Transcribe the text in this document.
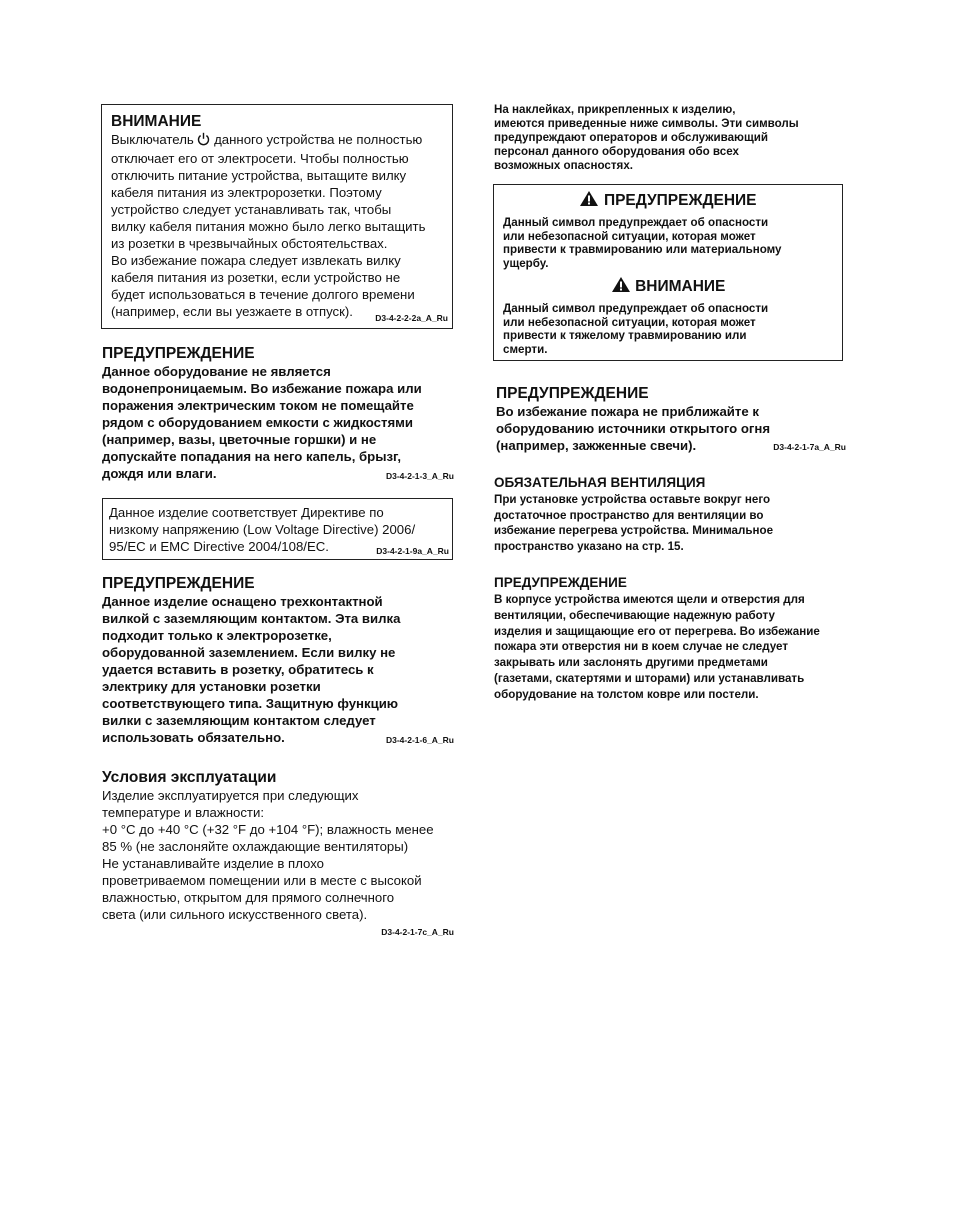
ВНИМАНИЕ

Выключатель  данного устройства не полностью
отключает его от электросети. Чтобы полностью
отключить питание устройства, вытащите вилку
кабеля питания из электророзетки. Поэтому
устройство следует устанавливать так, чтобы
вилку кабеля питания можно было легко вытащить
из розетки в чрезвычайных обстоятельствах.
Во избежание пожара следует извлекать вилку
кабеля питания из розетки, если устройство не
будет использоваться в течение долгого времени
(например, если вы уезжаете в отпуск).	D3-4-2-2-2a_A_Ru

ПРЕДУПРЕЖДЕНИЕ

Данное оборудование не является
водонепроницаемым. Во избежание пожара или
поражения электрическим током не помещайте
рядом с оборудованием емкости с жидкостями
(например, вазы, цветочные горшки) и не
допускайте попадания на него капель, брызг,
дождя или влаги.	D3-4-2-1-3_A_Ru

Данное изделие соответствует Директиве по
низкому напряжению (Low Voltage Directive) 2006/
95/EC и EMC Directive 2004/108/EC.	D3-4-2-1-9a_A_Ru

ПРЕДУПРЕЖДЕНИЕ

Данное изделие оснащено трехконтактной
вилкой с заземляющим контактом. Эта вилка
подходит только к электророзетке,
оборудованной заземлением. Если вилку не
удается вставить в розетку, обратитесь к
электрику для установки розетки
соответствующего типа. Защитную функцию
вилки с заземляющим контактом следует
использовать обязательно.	D3-4-2-1-6_A_Ru

Условия эксплуатации

Изделие эксплуатируется при следующих
температуре и влажности:
+0 °C до +40 °C (+32 °F до +104 °F); влажность менее
85 % (не заслоняйте охлаждающие вентиляторы)
Не устанавливайте изделие в плохо
проветриваемом помещении или в месте с высокой
влажностью, открытом для прямого солнечного
света (или сильного искусственного света).

D3-4-2-1-7c_A_Ru

На наклейках, прикрепленных к изделию,
имеются приведенные ниже символы. Эти символы
предупреждают операторов и обслуживающий
персонал данного оборудования обо всех
возможных опасностях.

ПРЕДУПРЕЖДЕНИЕ

Данный символ предупреждает об опасности
или небезопасной ситуации, которая может
привести к травмированию или материальному
ущербу.

ВНИМАНИЕ

Данный символ предупреждает об опасности
или небезопасной ситуации, которая может
привести к тяжелому травмированию или
смерти.

ПРЕДУПРЕЖДЕНИЕ

Во избежание пожара не приближайте к
оборудованию источники открытого огня
(например, зажженные свечи).	D3-4-2-1-7a_A_Ru

ОБЯЗАТЕЛЬНАЯ ВЕНТИЛЯЦИЯ

При установке устройства оставьте вокруг него
достаточное пространство для вентиляции во
избежание перегрева устройства. Минимальное
пространство указано на стр. 15.

ПРЕДУПРЕЖДЕНИЕ

В корпусе устройства имеются щели и отверстия для
вентиляции, обеспечивающие надежную работу
изделия и защищающие его от перегрева. Во избежание
пожара эти отверстия ни в коем случае не следует
закрывать или заслонять другими предметами
(газетами, скатертями и шторами) или устанавливать
оборудование на толстом ковре или постели.
